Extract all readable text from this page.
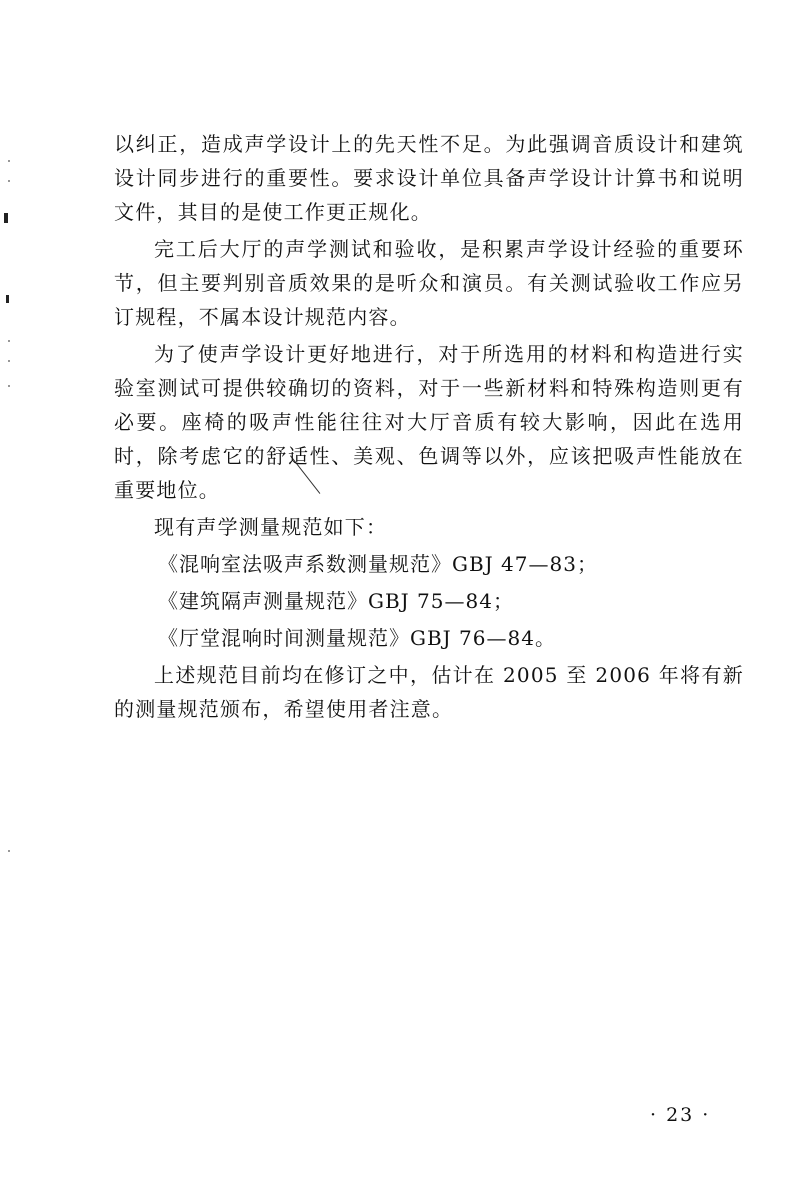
以纠正，造成声学设计上的先天性不足。为此强调音质设计和建筑设计同步进行的重要性。要求设计单位具备声学设计计算书和说明文件，其目的是使工作更正规化。

完工后大厅的声学测试和验收，是积累声学设计经验的重要环节，但主要判别音质效果的是听众和演员。有关测试验收工作应另订规程，不属本设计规范内容。

为了使声学设计更好地进行，对于所选用的材料和构造进行实验室测试可提供较确切的资料，对于一些新材料和特殊构造则更有必要。座椅的吸声性能往往对大厅音质有较大影响，因此在选用时，除考虑它的舒适性、美观、色调等以外，应该把吸声性能放在重要地位。

现有声学测量规范如下：

《混响室法吸声系数测量规范》GBJ 47—83；

《建筑隔声测量规范》GBJ 75—84；

《厅堂混响时间测量规范》GBJ 76—84。

上述规范目前均在修订之中，估计在 2005 至 2006 年将有新的测量规范颁布，希望使用者注意。

· 23 ·
